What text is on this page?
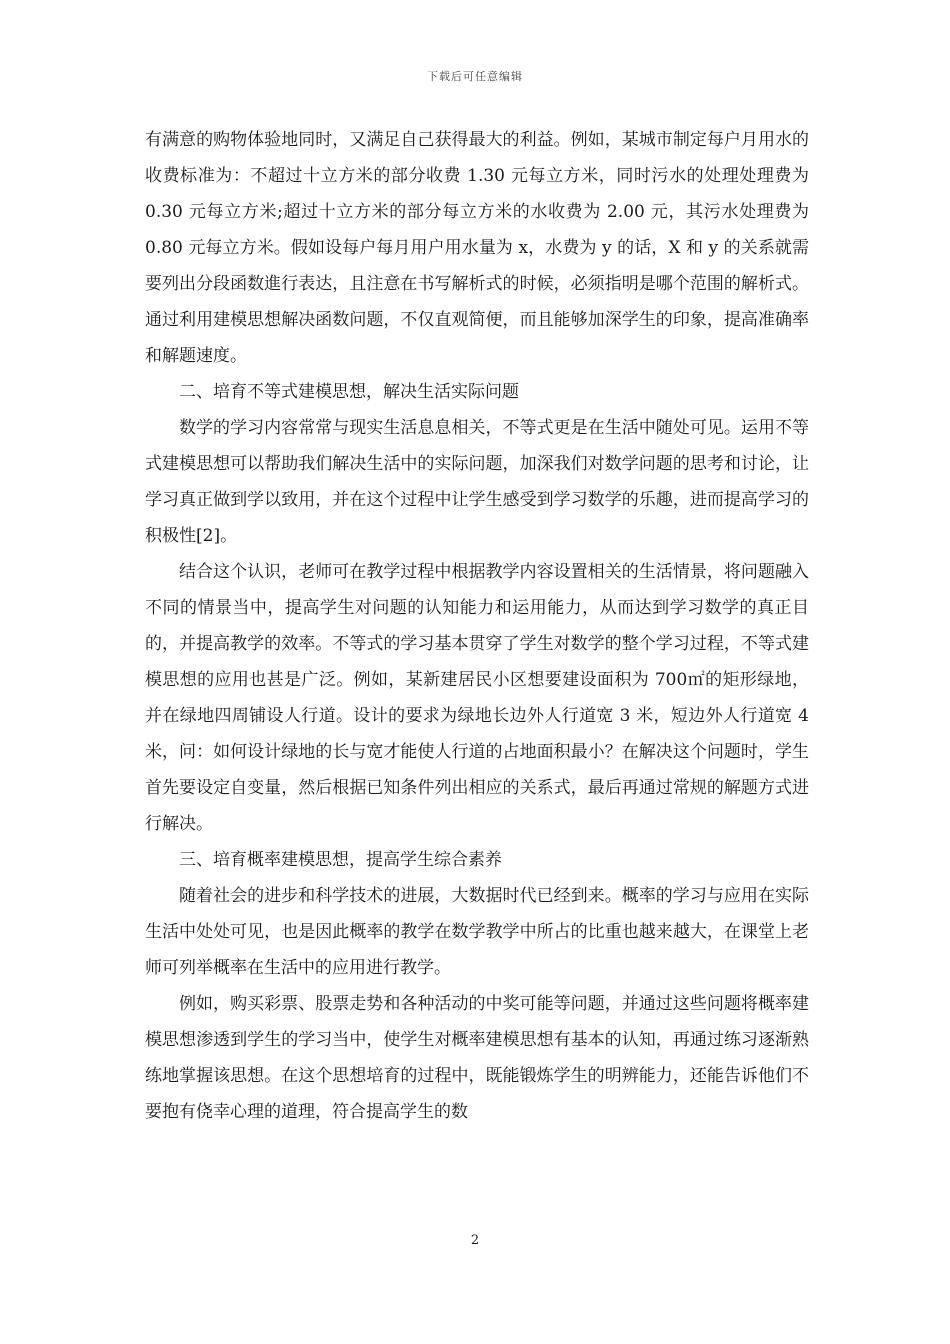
下载后可任意编辑

有满意的购物体验地同时，又满足自己获得最大的利益。例如，某城市制定每户月用水的收费标准为：不超过十立方米的部分收费 1.30 元每立方米，同时污水的处理处理费为 0.30 元每立方米;超过十立方米的部分每立方米的水收费为 2.00 元，其污水处理费为 0.80 元每立方米。假如设每户每月用户用水量为 x，水费为 y 的话，X 和 y 的关系就需要列出分段函数進行表达，且注意在书写解析式的时候，必须指明是哪个范围的解析式。通过利用建模思想解决函数问题，不仅直观简便，而且能够加深学生的印象，提高准确率和解题速度。

二、培育不等式建模思想，解决生活实际问题

数学的学习内容常常与现实生活息息相关，不等式更是在生活中随处可见。运用不等式建模思想可以帮助我们解决生活中的实际问题，加深我们对数学问题的思考和讨论，让学习真正做到学以致用，并在这个过程中让学生感受到学习数学的乐趣，进而提高学习的积极性[2]。

结合这个认识，老师可在教学过程中根据教学内容设置相关的生活情景，将问题融入不同的情景当中，提高学生对问题的认知能力和运用能力，从而达到学习数学的真正目的，并提高教学的效率。不等式的学习基本贯穿了学生对数学的整个学习过程，不等式建模思想的应用也甚是广泛。例如，某新建居民小区想要建设面积为 700㎡的矩形绿地，并在绿地四周铺设人行道。设计的要求为绿地长边外人行道宽 3 米，短边外人行道宽 4 米，问：如何设计绿地的长与宽才能使人行道的占地面积最小？在解决这个问题时，学生首先要设定自变量，然后根据已知条件列出相应的关系式，最后再通过常规的解题方式进行解决。

三、培育概率建模思想，提高学生综合素养

随着社会的进步和科学技术的进展，大数据时代已经到来。概率的学习与应用在实际生活中处处可见，也是因此概率的教学在数学教学中所占的比重也越来越大，在课堂上老师可列举概率在生活中的应用进行教学。

例如，购买彩票、股票走势和各种活动的中奖可能等问题，并通过这些问题将概率建模思想渗透到学生的学习当中，使学生对概率建模思想有基本的认知，再通过练习逐渐熟练地掌握该思想。在这个思想培育的过程中，既能锻炼学生的明辨能力，还能告诉他们不要抱有侥幸心理的道理，符合提高学生的数

2
